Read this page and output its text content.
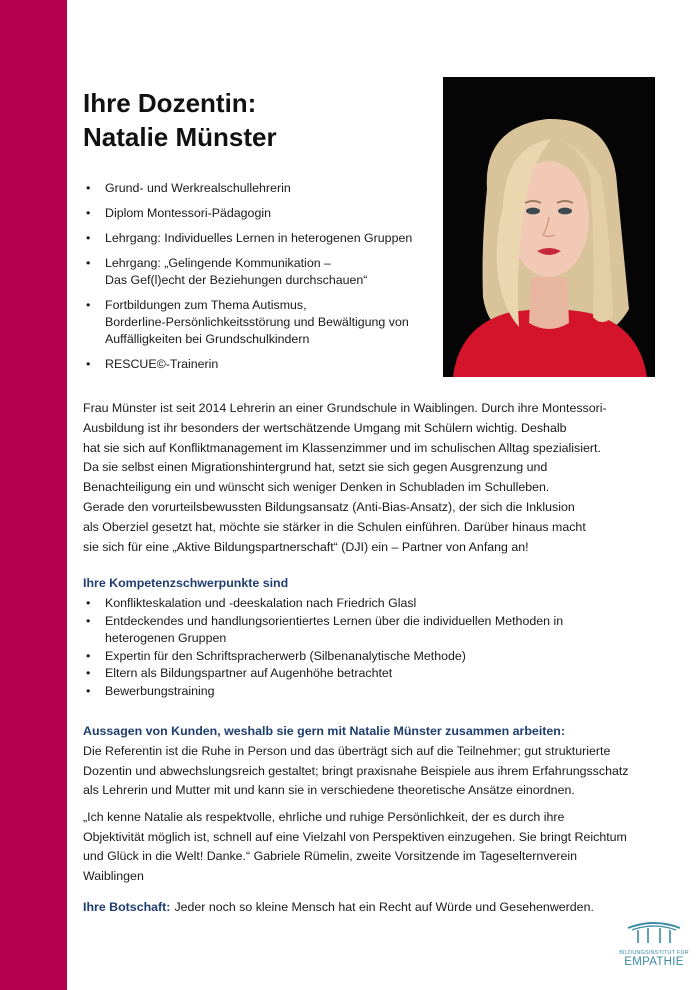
Ihre Dozentin:
Natalie Münster
• Grund- und Werkrealschullehrerin
• Diplom Montessori-Pädagogin
• Lehrgang: Individuelles Lernen in heterogenen Gruppen
• Lehrgang: „Gelingende Kommunikation –
Das Gef(l)echt der Beziehungen durchschauen“
• Fortbildungen zum Thema Autismus,
Borderline-Persönlichkeitsstörung und Bewältigung von
Auffälligkeiten bei Grundschulkindern
• RESCUE©-Trainerin
Frau Münster ist seit 2014 Lehrerin an einer Grundschule in Waiblingen. Durch ihre Montessori-
Ausbildung ist ihr besonders der wertschätzende Umgang mit Schülern wichtig. Deshalb
hat sie sich auf Konfliktmanagement im Klassenzimmer und im schulischen Alltag spezialisiert.
Da sie selbst einen Migrationshintergrund hat, setzt sie sich gegen Ausgrenzung und
Benachteiligung ein und wünscht sich weniger Denken in Schubladen im Schulleben.
Gerade den vorurteilsbewussten Bildungsansatz (Anti-Bias-Ansatz), der sich die Inklusion
als Oberziel gesetzt hat, möchte sie stärker in die Schulen einführen. Darüber hinaus macht
sie sich für eine „Aktive Bildungspartnerschaft“ (DJI) ein – Partner von Anfang an!
Ihre Kompetenzschwerpunkte sind
• Konflikteskalation und -deeskalation nach Friedrich Glasl
• Entdeckendes und handlungsorientiertes Lernen über die individuellen Methoden in
heterogenen Gruppen
• Expertin für den Schriftspracherwerb (Silbenanalytische Methode)
• Eltern als Bildungspartner auf Augenhöhe betrachtet
• Bewerbungstraining
Aussagen von Kunden, weshalb sie gern mit Natalie Münster zusammen arbeiten:
Die Referentin ist die Ruhe in Person und das überträgt sich auf die Teilnehmer; gut strukturierte
Dozentin und abwechslungsreich gestaltet; bringt praxisnahe Beispiele aus ihrem Erfahrungsschatz
als Lehrerin und Mutter mit und kann sie in verschiedene theoretische Ansätze einordnen.
„Ich kenne Natalie als respektvolle, ehrliche und ruhige Persönlichkeit, der es durch ihre
Objektivität möglich ist, schnell auf eine Vielzahl von Perspektiven einzugehen. Sie bringt Reichtum
und Glück in die Welt! Danke.“ Gabriele Rümelin, zweite Vorsitzende im Tageselternverein
Waiblingen
Ihre Botschaft: Jeder noch so kleine Mensch hat ein Recht auf Würde und Gesehenwerden.
BILDUNGSINSTITUT FÜR
EMPATHIE
